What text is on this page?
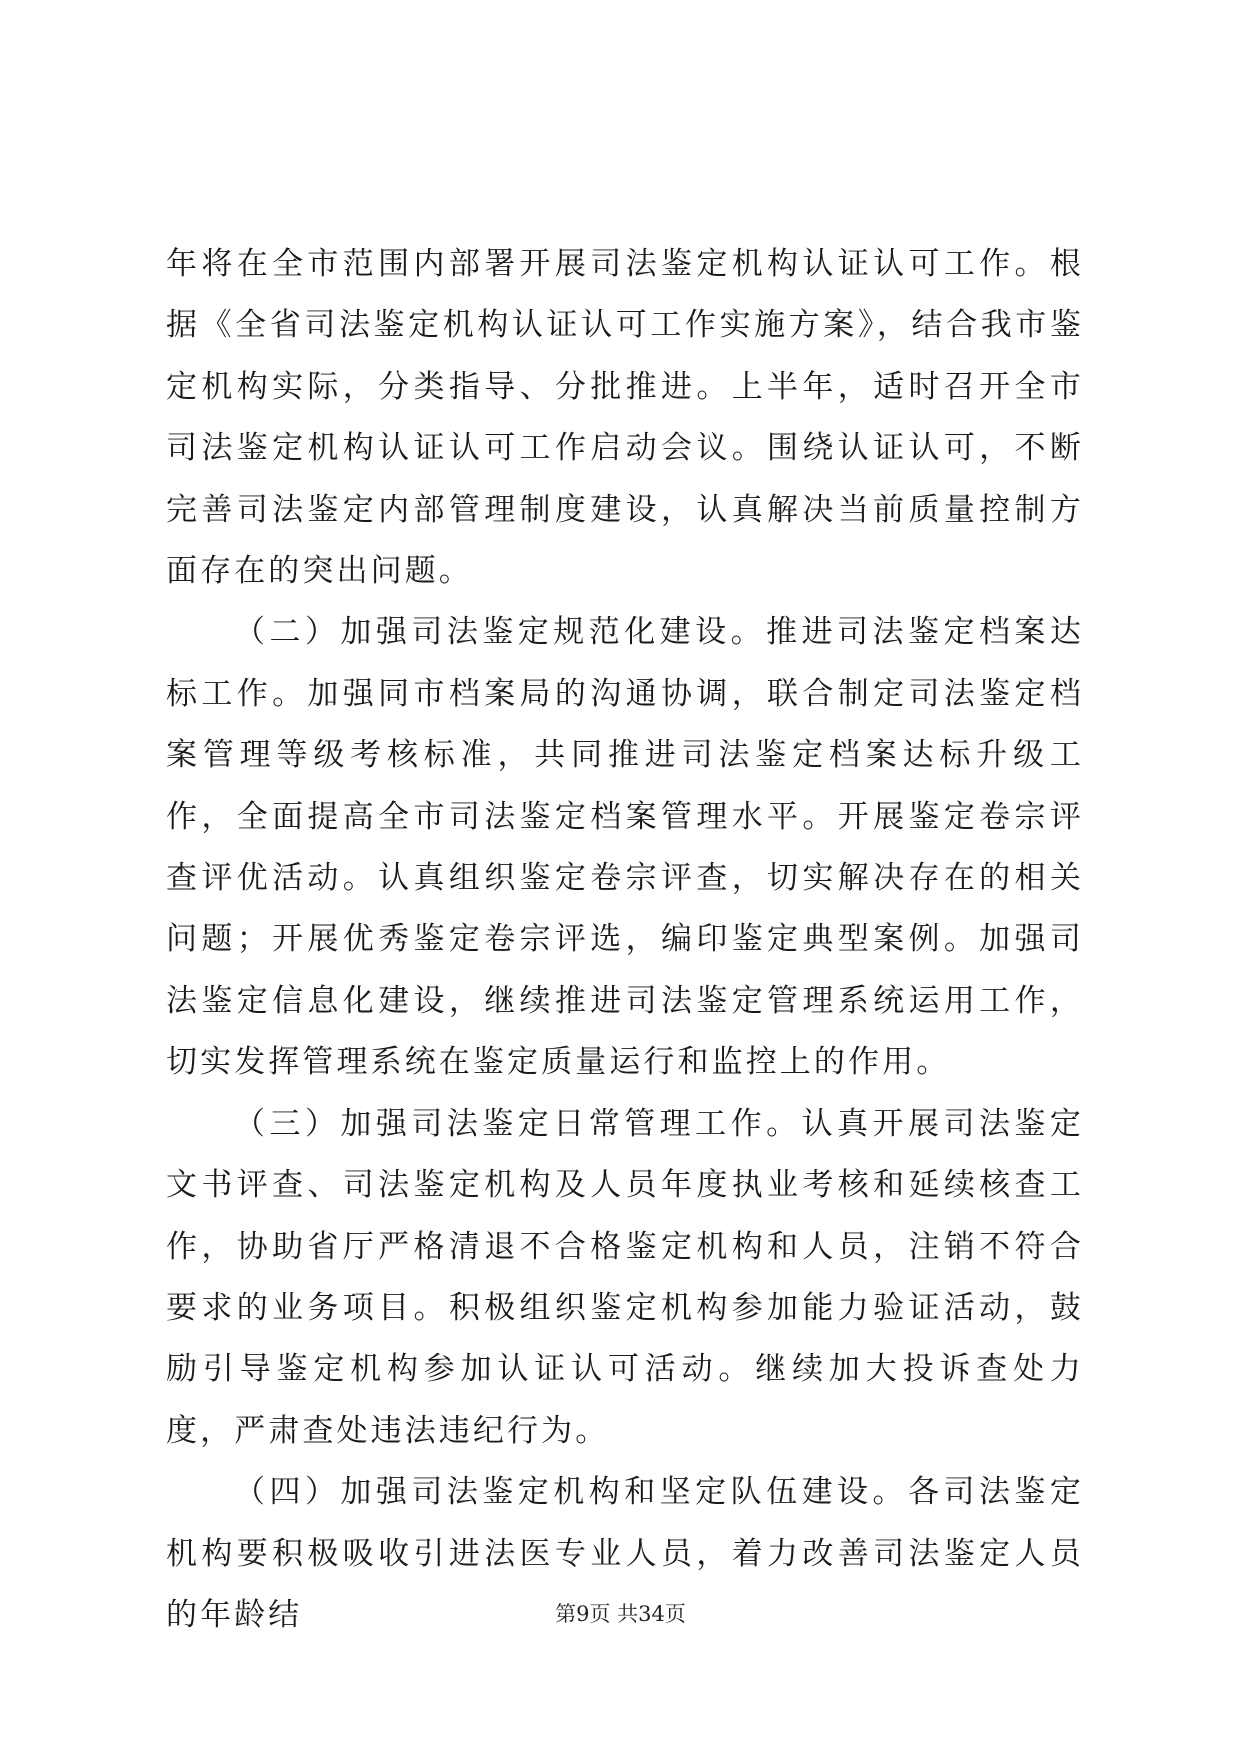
年将在全市范围内部署开展司法鉴定机构认证认可工作。根据《全省司法鉴定机构认证认可工作实施方案》，结合我市鉴定机构实际，分类指导、分批推进。上半年，适时召开全市司法鉴定机构认证认可工作启动会议。围绕认证认可，不断完善司法鉴定内部管理制度建设，认真解决当前质量控制方面存在的突出问题。

（二）加强司法鉴定规范化建设。推进司法鉴定档案达标工作。加强同市档案局的沟通协调，联合制定司法鉴定档案管理等级考核标准，共同推进司法鉴定档案达标升级工作，全面提高全市司法鉴定档案管理水平。开展鉴定卷宗评查评优活动。认真组织鉴定卷宗评查，切实解决存在的相关问题；开展优秀鉴定卷宗评选，编印鉴定典型案例。加强司法鉴定信息化建设，继续推进司法鉴定管理系统运用工作，切实发挥管理系统在鉴定质量运行和监控上的作用。

（三）加强司法鉴定日常管理工作。认真开展司法鉴定文书评查、司法鉴定机构及人员年度执业考核和延续核查工作，协助省厅严格清退不合格鉴定机构和人员，注销不符合要求的业务项目。积极组织鉴定机构参加能力验证活动，鼓励引导鉴定机构参加认证认可活动。继续加大投诉查处力度，严肃查处违法违纪行为。

（四）加强司法鉴定机构和坚定队伍建设。各司法鉴定机构要积极吸收引进法医专业人员，着力改善司法鉴定人员的年龄结	第9页 共34页
